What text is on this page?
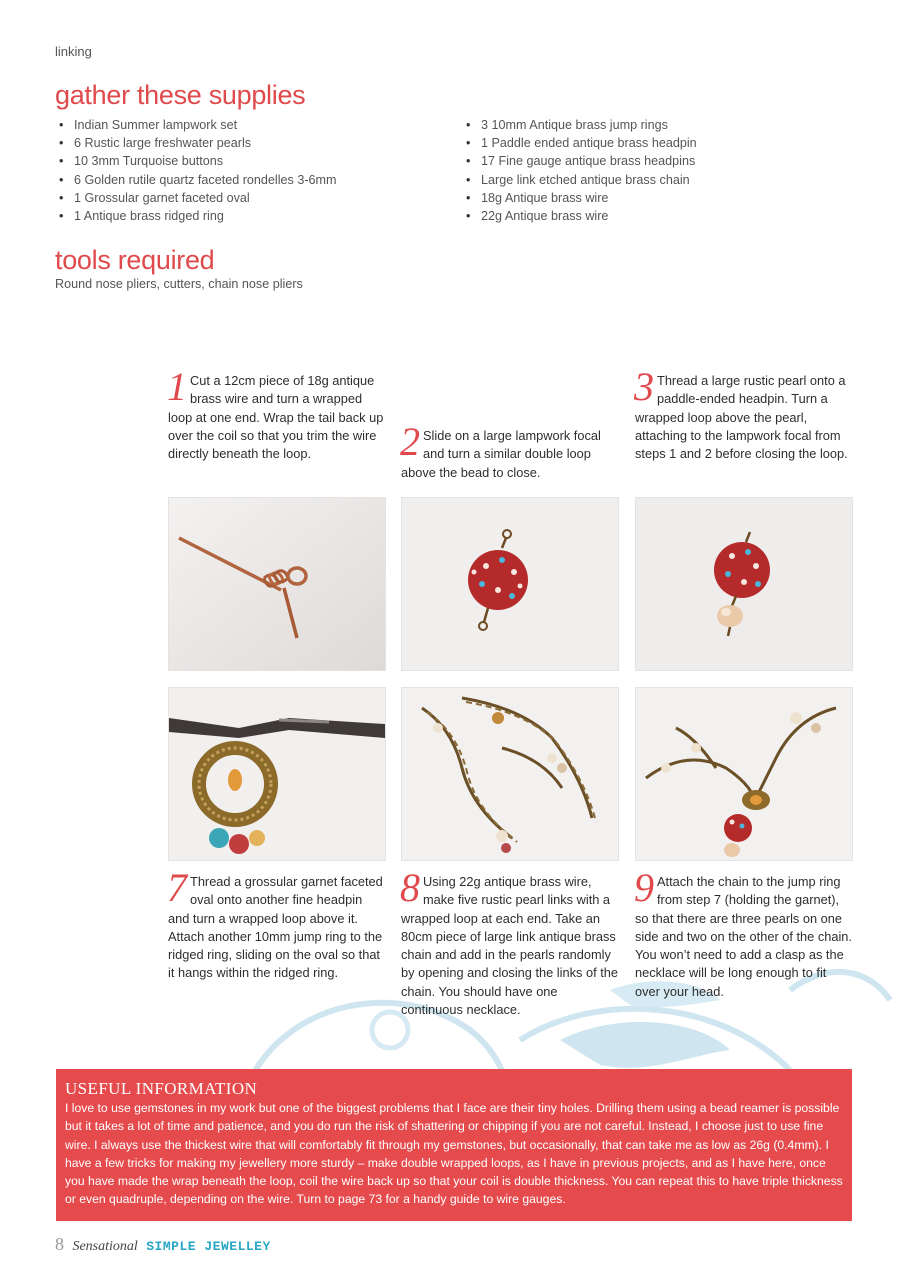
linking
gather these supplies
• Indian Summer lampwork set
• 6 Rustic large freshwater pearls
• 10 3mm Turquoise buttons
• 6 Golden rutile quartz faceted rondelles 3-6mm
• 1 Grossular garnet faceted oval
• 1 Antique brass ridged ring
• 3 10mm Antique brass jump rings
• 1 Paddle ended antique brass headpin
• 17 Fine gauge antique brass headpins
• Large link etched antique brass chain
• 18g Antique brass wire
• 22g Antique brass wire
tools required
Round nose pliers, cutters, chain nose pliers
1 Cut a 12cm piece of 18g antique brass wire and turn a wrapped loop at one end. Wrap the tail back up over the coil so that you trim the wire directly beneath the loop.	2 Slide on a large lampwork focal and turn a similar double loop above the bead to close.
3 Thread a large rustic pearl onto a paddle-ended headpin. Turn a wrapped loop above the pearl, attaching to the lampwork focal from steps 1 and 2 before closing the loop.
7 Thread a grossular garnet faceted oval onto another fine headpin and turn a wrapped loop above it. Attach another 10mm jump ring to the ridged ring, sliding on the oval so that it hangs within the ridged ring.
8 Using 22g antique brass wire, make five rustic pearl links with a wrapped loop at each end. Take an 80cm piece of large link antique brass chain and add in the pearls randomly by opening and closing the links of the chain. You should have one continuous necklace.
9 Attach the chain to the jump ring from step 7 (holding the garnet), so that there are three pearls on one side and two on the other of the chain. You won’t need to add a clasp as the necklace will be long enough to fit over your head.
USEFUL INFORMATION

I love to use gemstones in my work but one of the biggest problems that I face are their tiny holes. Drilling them using a bead reamer is possible but it takes a lot of time and patience, and you do run the risk of shattering or chipping if you are not careful. Instead, I choose just to use fine wire. I always use the thickest wire that will comfortably fit through my gemstones, but occasionally, that can take me as low as 26g (0.4mm). I have a few tricks for making my jewellery more sturdy – make double wrapped loops, as I have in previous projects, and as I have here, once you have made the wrap beneath the loop, coil the wire back up so that your coil is double thickness. You can repeat this to have triple thickness or even quadruple, depending on the wire. Turn to page 73 for a handy guide to wire gauges.

8 Sensational SIMPLE JEWELLEY
